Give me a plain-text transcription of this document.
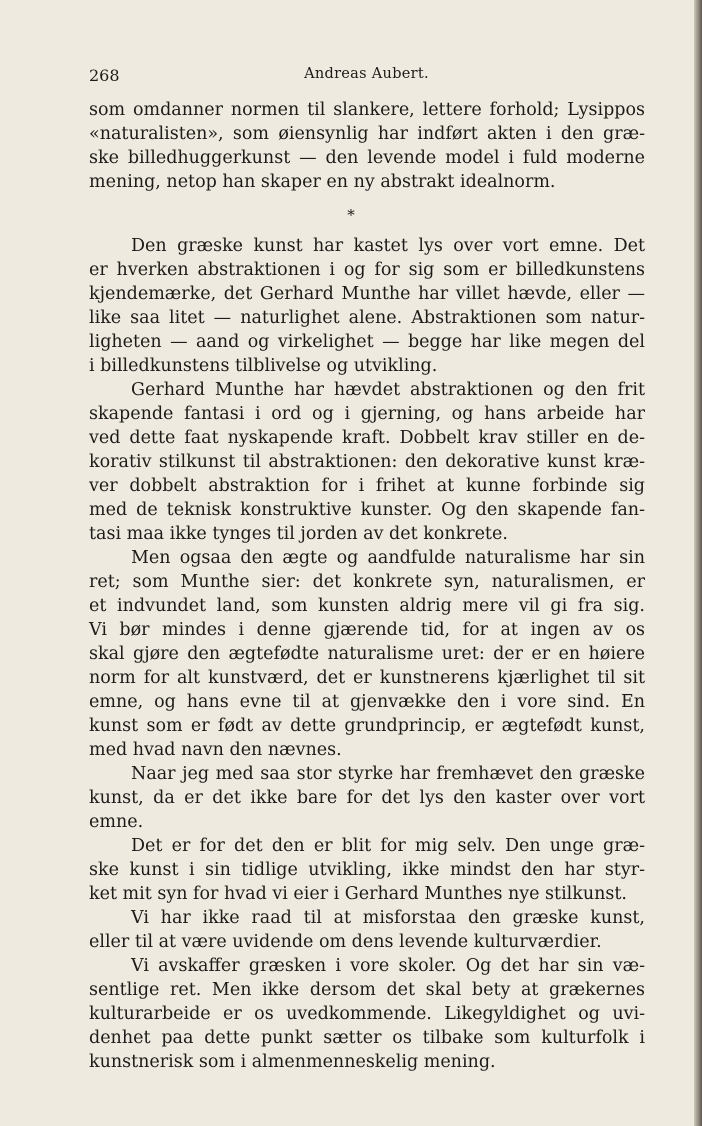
268	Andreas Aubert.
som omdanner normen til slankere, lettere forhold; Lysippos
«naturalisten», som øiensynlig har indført akten i den græ-
ske billedhuggerkunst — den levende model i fuld moderne
mening, netop han skaper en ny abstrakt idealnorm.
*
Den græske kunst har kastet lys over vort emne. Det
er hverken abstraktionen i og for sig som er billedkunstens
kjendemærke, det Gerhard Munthe har villet hævde, eller —
like saa litet — naturlighet alene. Abstraktionen som natur-
ligheten — aand og virkelighet — begge har like megen del
i billedkunstens tilblivelse og utvikling.
Gerhard Munthe har hævdet abstraktionen og den frit
skapende fantasi i ord og i gjerning, og hans arbeide har
ved dette faat nyskapende kraft. Dobbelt krav stiller en de-
korativ stilkunst til abstraktionen: den dekorative kunst kræ-
ver dobbelt abstraktion for i frihet at kunne forbinde sig
med de teknisk konstruktive kunster. Og den skapende fan-
tasi maa ikke tynges til jorden av det konkrete.
Men ogsaa den ægte og aandfulde naturalisme har sin
ret; som Munthe sier: det konkrete syn, naturalismen, er
et indvundet land, som kunsten aldrig mere vil gi fra sig.
Vi bør mindes i denne gjærende tid, for at ingen av os
skal gjøre den ægtefødte naturalisme uret: der er en høiere
norm for alt kunstværd, det er kunstnerens kjærlighet til sit
emne, og hans evne til at gjenvække den i vore sind. En
kunst som er født av dette grundprincip, er ægtefødt kunst,
med hvad navn den nævnes.
Naar jeg med saa stor styrke har fremhævet den græske
kunst, da er det ikke bare for det lys den kaster over vort
emne.
Det er for det den er blit for mig selv. Den unge græ-
ske kunst i sin tidlige utvikling, ikke mindst den har styr-
ket mit syn for hvad vi eier i Gerhard Munthes nye stilkunst.
Vi har ikke raad til at misforstaa den græske kunst,
eller til at være uvidende om dens levende kulturværdier.
Vi avskaffer græsken i vore skoler. Og det har sin væ-
sentlige ret. Men ikke dersom det skal bety at grækernes
kulturarbeide er os uvedkommende. Likegyldighet og uvi-
denhet paa dette punkt sætter os tilbake som kulturfolk i
kunstnerisk som i almenmenneskelig mening.
